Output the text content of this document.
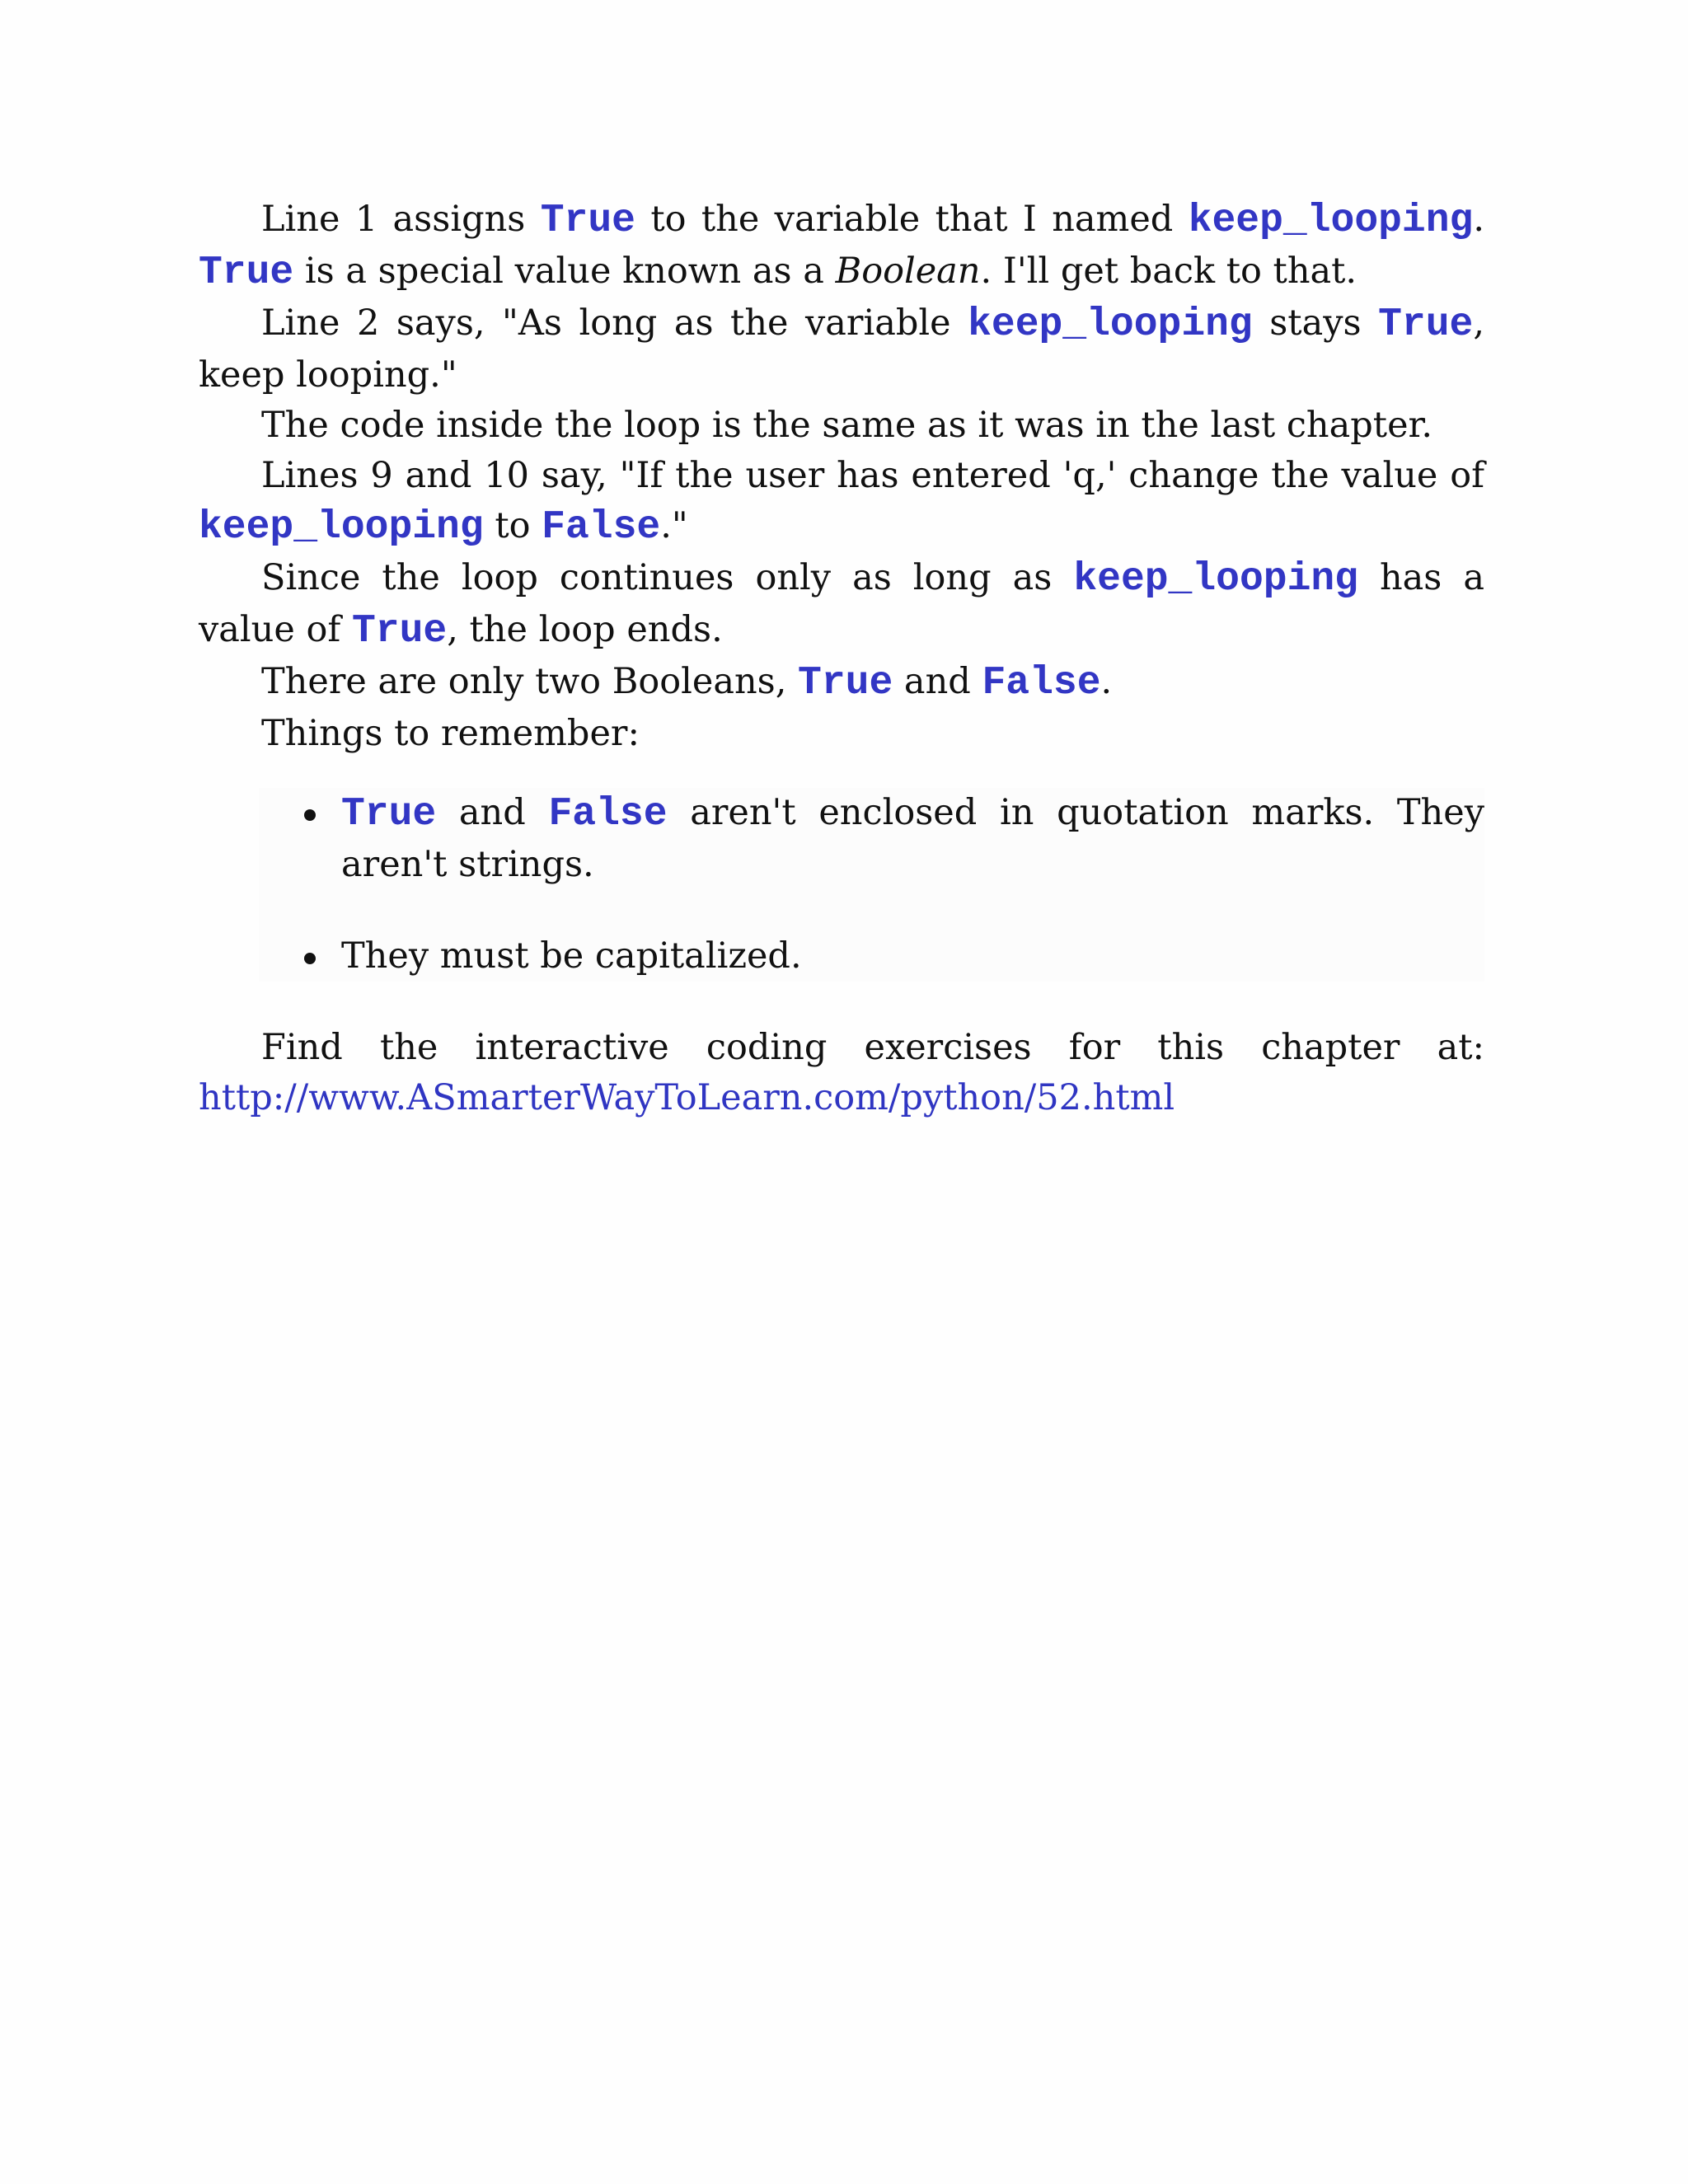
Line 1 assigns True to the variable that I named keep_looping. True is a special value known as a Boolean. I'll get back to that.

Line 2 says, "As long as the variable keep_looping stays True, keep looping."

The code inside the loop is the same as it was in the last chapter.

Lines 9 and 10 say, "If the user has entered 'q,' change the value of keep_looping to False."

Since the loop continues only as long as keep_looping has a value of True, the loop ends.

There are only two Booleans, True and False.

Things to remember:

True and False aren't enclosed in quotation marks. They aren't strings.

They must be capitalized.

Find the interactive coding exercises for this chapter at:
http://www.ASmarterWayToLearn.com/python/52.html
